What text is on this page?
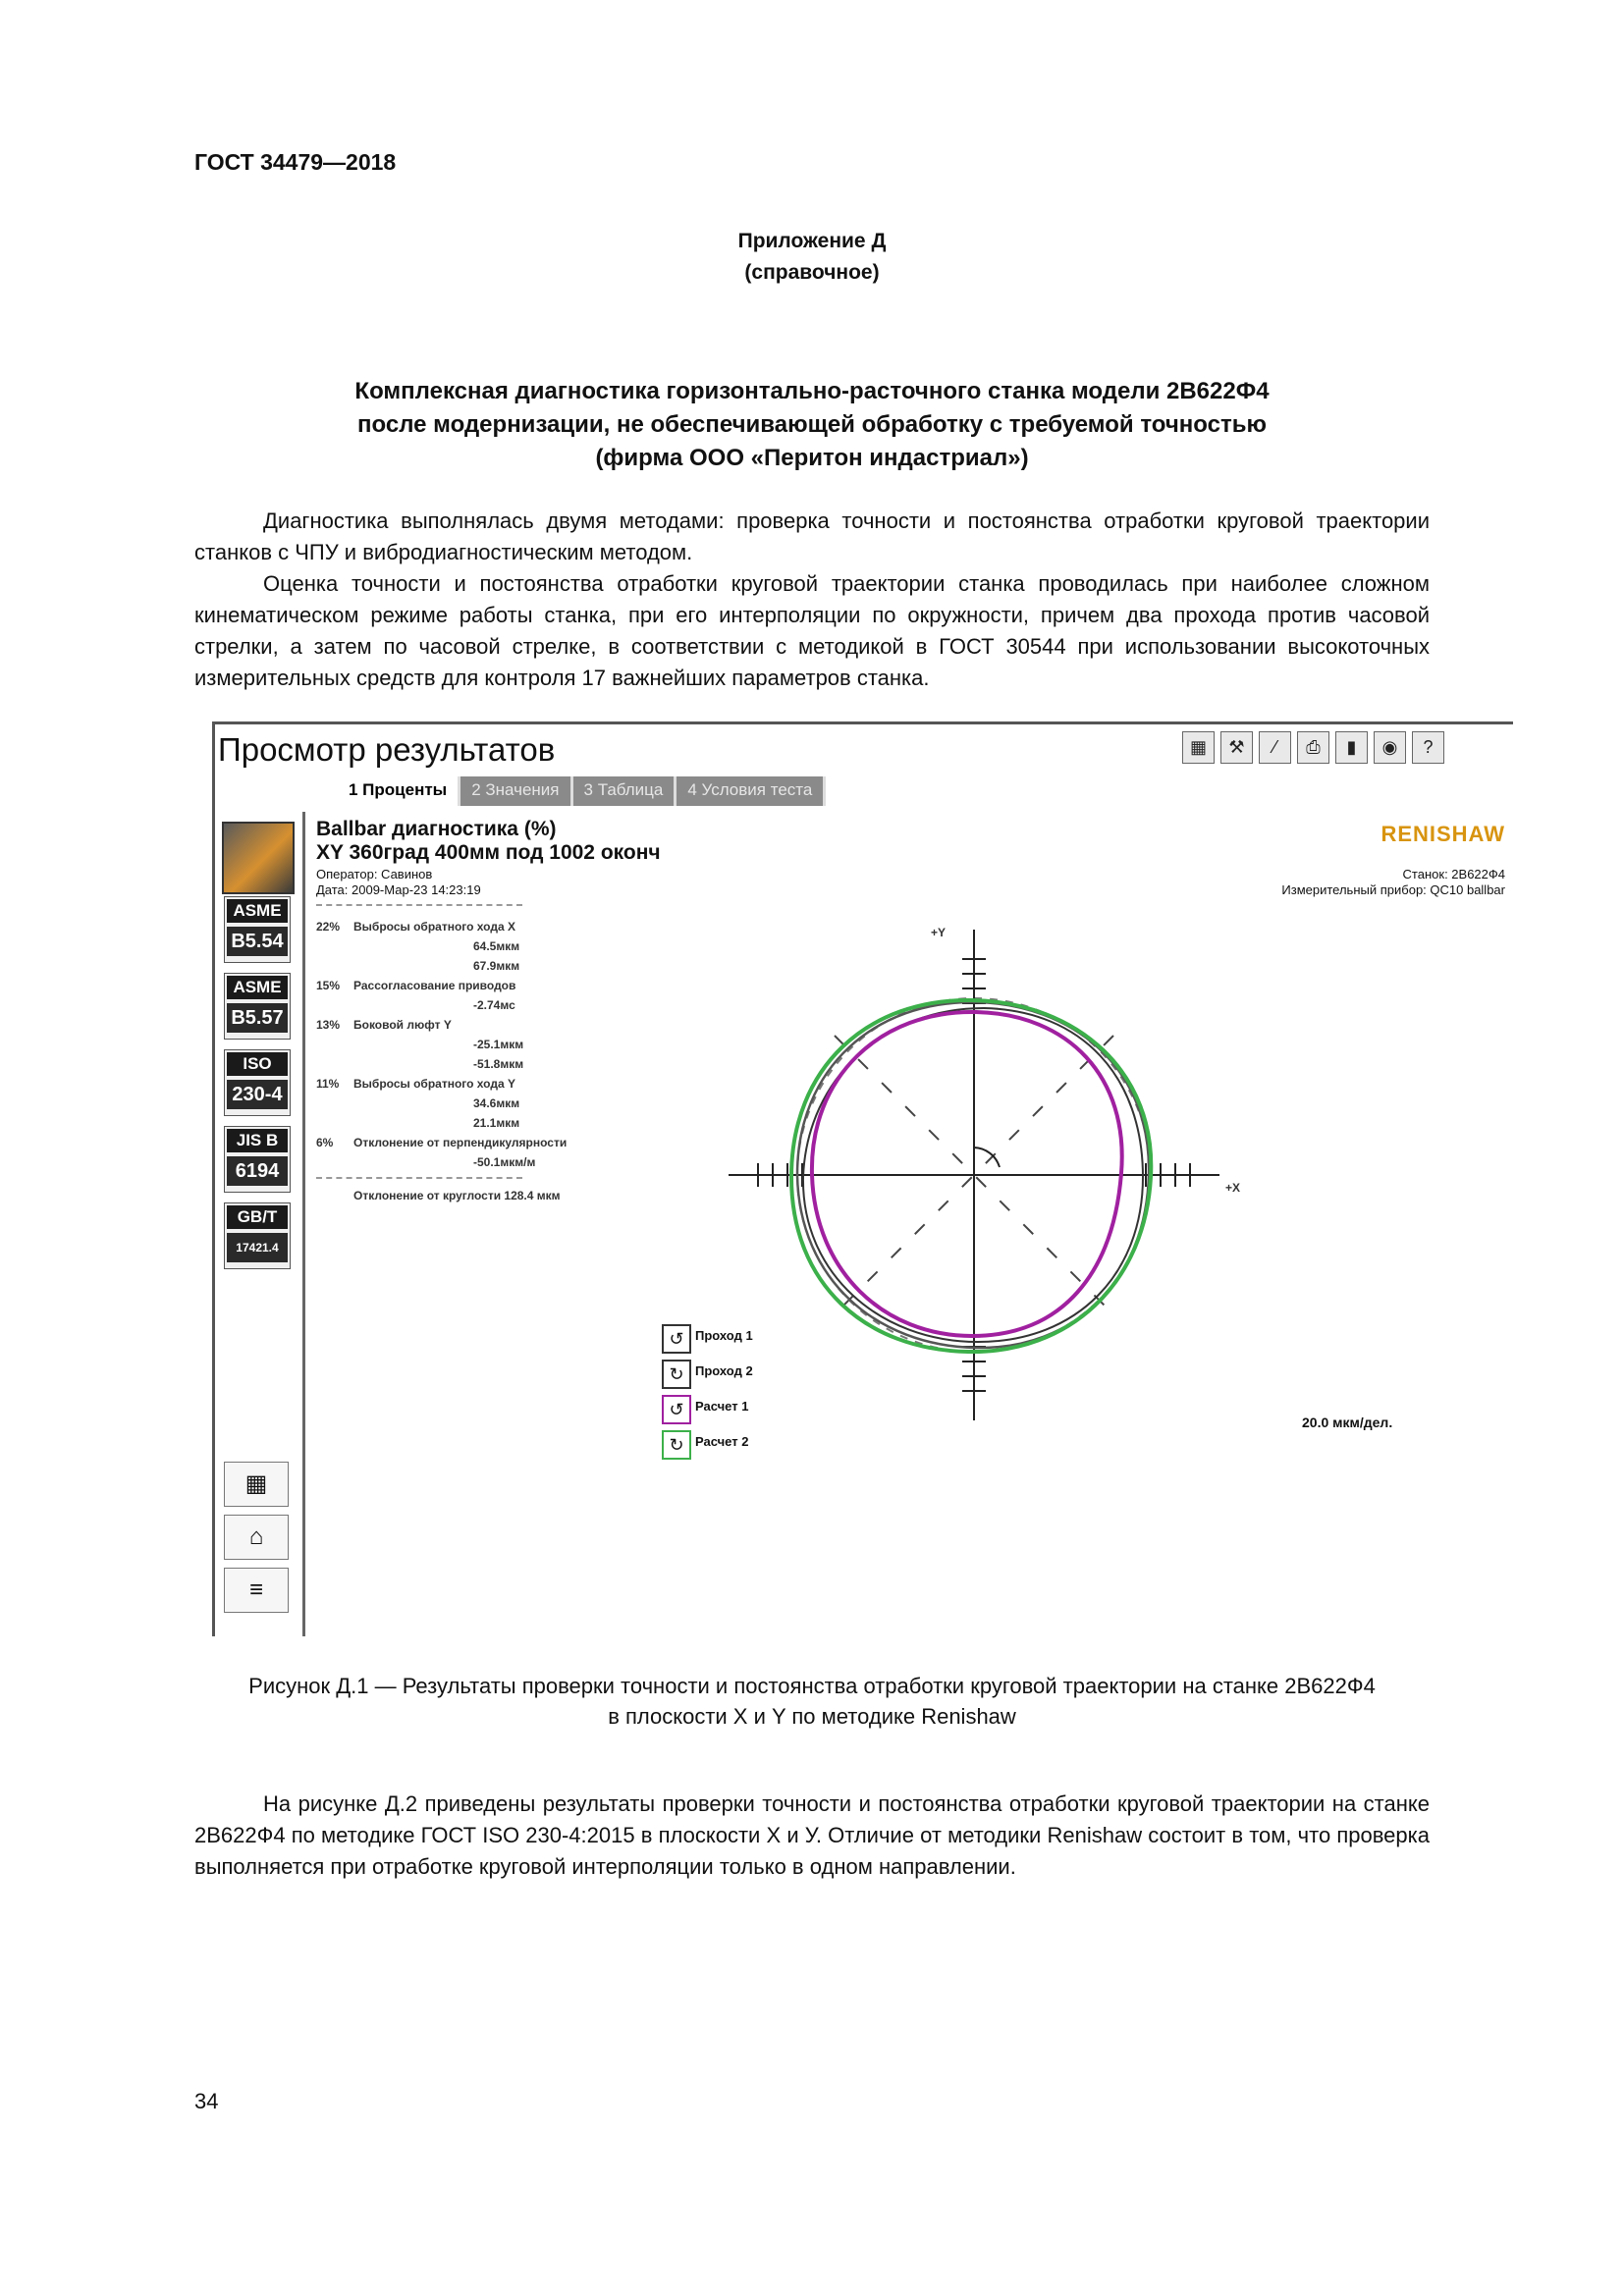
ГОСТ 34479—2018
Приложение Д
(справочное)
Комплексная диагностика горизонтально-расточного станка модели 2В622Ф4
после модернизации, не обеспечивающей обработку с требуемой точностью
(фирма ООО «Перитон индастриал»)

Диагностика выполнялась двумя методами: проверка точности и постоянства отработки круговой траектории станков с ЧПУ и вибродиагностическим методом.

Оценка точности и постоянства отработки круговой траектории станка проводилась при наиболее сложном кинематическом режиме работы станка, при его интерполяции по окружности, причем два прохода против часовой стрелки, а затем по часовой стрелке, в соответствии с методикой в ГОСТ 30544 при использовании высокоточных измерительных средств для контроля 17 важнейших параметров станка.

Просмотр результатов	▦	⚒	⁄	⎙	▮	◉	?
1 Проценты	2 Значения	3 Таблица	4 Условия теста
ASME
B5.54
ASME
B5.57
ISO
230-4
JIS B
6194
GB/T
17421.4
▦
⌂
≡
Ballbar диагностика (%)
XY 360град 400мм под 1002 оконч
Оператор: Савинов
Дата: 2009-Мар-23 14:23:19
RENISHAW
Станок: 2В622Ф4
Измерительный прибор: QC10 ballbar
22% Выбросы обратного хода X
64.5мкм
67.9мкм
15% Рассогласование приводов
-2.74мс
13% Боковой люфт Y
-25.1мкм
-51.8мкм
11% Выбросы обратного хода Y
34.6мкм
21.1мкм
6% Отклонение от перпендикулярности
-50.1мкм/м
Отклонение от круглости 128.4 мкм
+Y
+X
↺ Проход 1
↻ Проход 2
↺ Расчет 1
↻ Расчет 2
20.0 мкм/дел.
Рисунок Д.1 — Результаты проверки точности и постоянства отработки круговой траектории на станке 2В622Ф4
в плоскости X и Y по методике Renishaw

На рисунке Д.2 приведены результаты проверки точности и постоянства отработки круговой траектории на станке 2В622Ф4 по методике ГОСТ ISO 230-4:2015 в плоскости X и У. Отличие от методики Renishaw состоит в том, что проверка выполняется при отработке круговой интерполяции только в одном направлении.

34
